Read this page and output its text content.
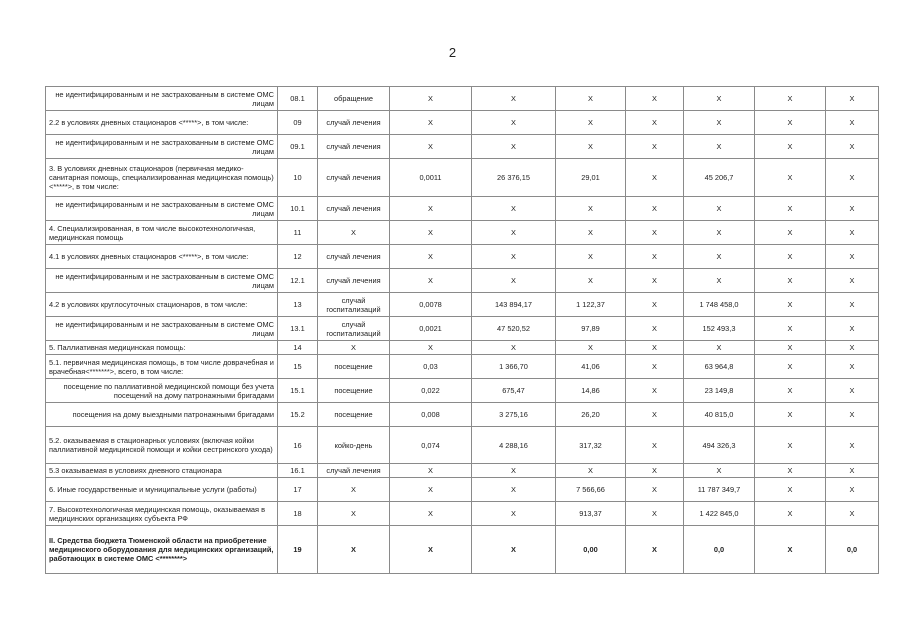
2
не идентифицированным и не застрахованным в системе ОМС лицам	08.1	обращение	X	X	X	X	X	X	X
2.2 в условиях дневных стационаров <*****>, в том числе:	09	случай лечения	X	X	X	X	X	X	X
не идентифицированным и не застрахованным в системе ОМС лицам	09.1	случай лечения	X	X	X	X	X	X	X
3. В условиях дневных стационаров (первичная медико-санитарная помощь, специализированная медицинская помощь)<*****>, в том числе:	10	случай лечения	0,0011	26 376,15	29,01	X	45 206,7	X	X
не идентифицированным и не застрахованным в системе ОМС лицам	10.1	случай лечения	X	X	X	X	X	X	X
4. Специализированная, в том числе высокотехнологичная, медицинская помощь	11	X	X	X	X	X	X	X	X
4.1 в условиях дневных стационаров <*****>, в том числе:	12	случай лечения	X	X	X	X	X	X	X
не идентифицированным и не застрахованным в системе ОМС лицам	12.1	случай лечения	X	X	X	X	X	X	X
4.2 в условиях круглосуточных стационаров, в том числе:	13	случай госпитализаций	0,0078	143 894,17	1 122,37	X	1 748 458,0	X	X
не идентифицированным и не застрахованным в системе ОМС лицам	13.1	случай госпитализаций	0,0021	47 520,52	97,89	X	152 493,3	X	X
5. Паллиативная медицинская помощь:	14	X	X	X	X	X	X	X	X
5.1. первичная медицинская помощь, в том числе доврачебная и врачебная<*******>, всего, в том числе:	15	посещение	0,03	1 366,70	41,06	X	63 964,8	X	X
посещение по паллиативной медицинской помощи без учета посещений на дому патронажными бригадами	15.1	посещение	0,022	675,47	14,86	X	23 149,8	X	X
посещения на дому выездными патронажными бригадами	15.2	посещение	0,008	3 275,16	26,20	X	40 815,0	X	X
5.2. оказываемая в стационарных условиях (включая койки паллиативной медицинской помощи и койки сестринского ухода)	16	койко-день	0,074	4 288,16	317,32	X	494 326,3	X	X
5.3 оказываемая в условиях дневного стационара	16.1	случай лечения	X	X	X	X	X	X	X
6. Иные государственные и муниципальные услуги (работы)	17	X	X	X	7 566,66	X	11 787 349,7	X	X
7. Высокотехнологичная медицинская помощь, оказываемая в медицинских организациях субъекта РФ	18	X	X	X	913,37	X	1 422 845,0	X	X
II. Средства бюджета Тюменской области на приобретение медицинского оборудования для медицинских организаций, работающих в системе ОМС <********>	19	X	X	X	0,00	X	0,0	X	0,0
